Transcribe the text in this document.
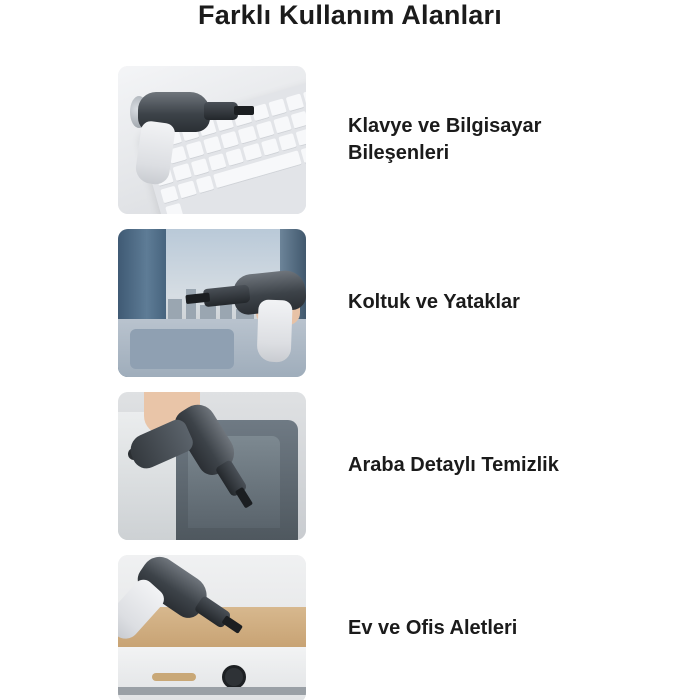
Farklı Kullanım Alanları
Klavye ve Bilgisayar Bileşenleri
Koltuk ve Yataklar
Araba Detaylı Temizlik
Ev ve Ofis Aletleri
